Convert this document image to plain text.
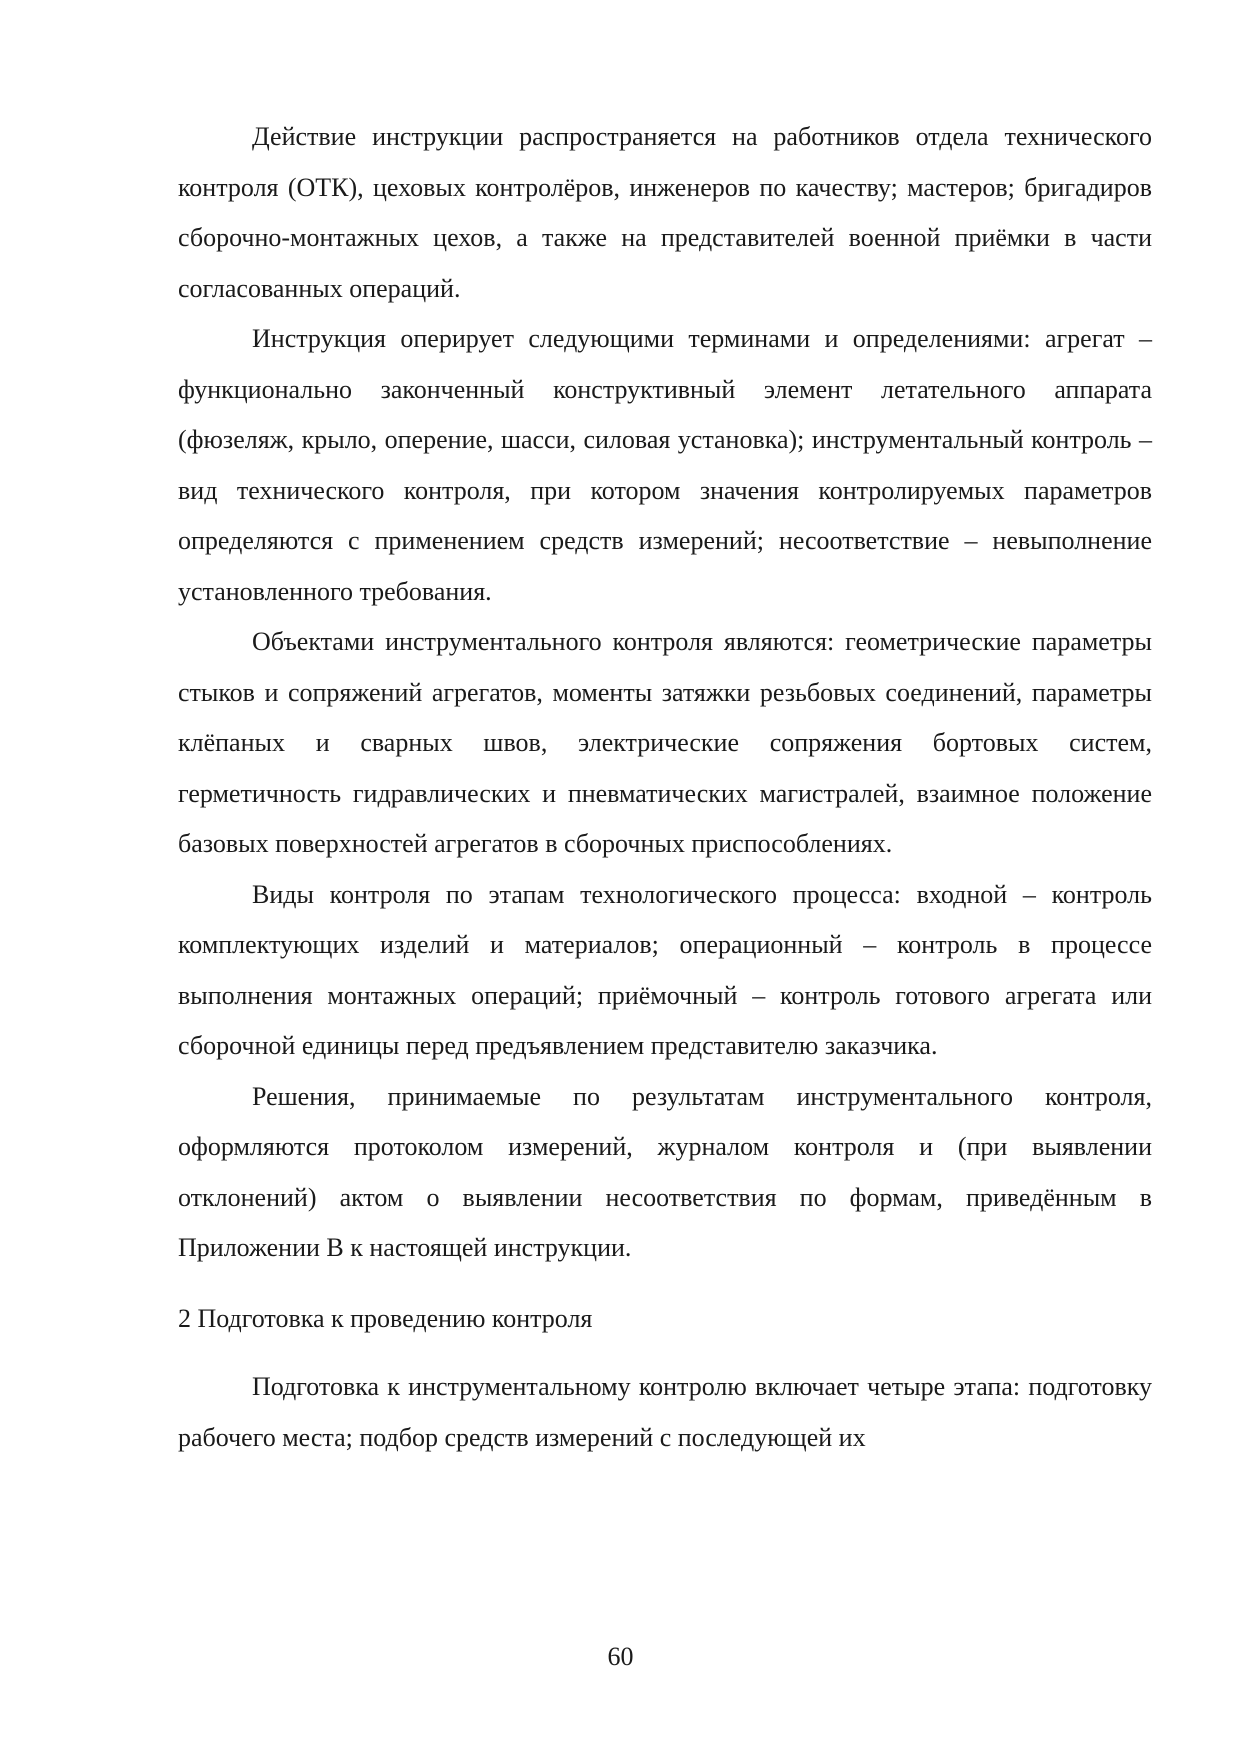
Действие инструкции распространяется на работников отдела технического контроля (ОТК), цеховых контролёров, инженеров по качеству; мастеров; бригадиров сборочно-монтажных цехов, а также на представителей военной приёмки в части согласованных операций.

Инструкция оперирует следующими терминами и определениями: агрегат – функционально законченный конструктивный элемент летательного аппарата (фюзеляж, крыло, оперение, шасси, силовая установка); инструментальный контроль – вид технического контроля, при котором значения контролируемых параметров определяются с применением средств измерений; несоответствие – невыполнение установленного требования.

Объектами инструментального контроля являются: геометрические параметры стыков и сопряжений агрегатов, моменты затяжки резьбовых соединений, параметры клёпаных и сварных швов, электрические сопряжения бортовых систем, герметичность гидравлических и пневматических магистралей, взаимное положение базовых поверхностей агрегатов в сборочных приспособлениях.

Виды контроля по этапам технологического процесса: входной – контроль комплектующих изделий и материалов; операционный – контроль в процессе выполнения монтажных операций; приёмочный – контроль готового агрегата или сборочной единицы перед предъявлением представителю заказчика.

Решения, принимаемые по результатам инструментального контроля, оформляются протоколом измерений, журналом контроля и (при выявлении отклонений) актом о выявлении несоответствия по формам, приведённым в Приложении В к настоящей инструкции.

2 Подготовка к проведению контроля

Подготовка к инструментальному контролю включает четыре этапа: подготовку рабочего места; подбор средств измерений с последующей их

60
